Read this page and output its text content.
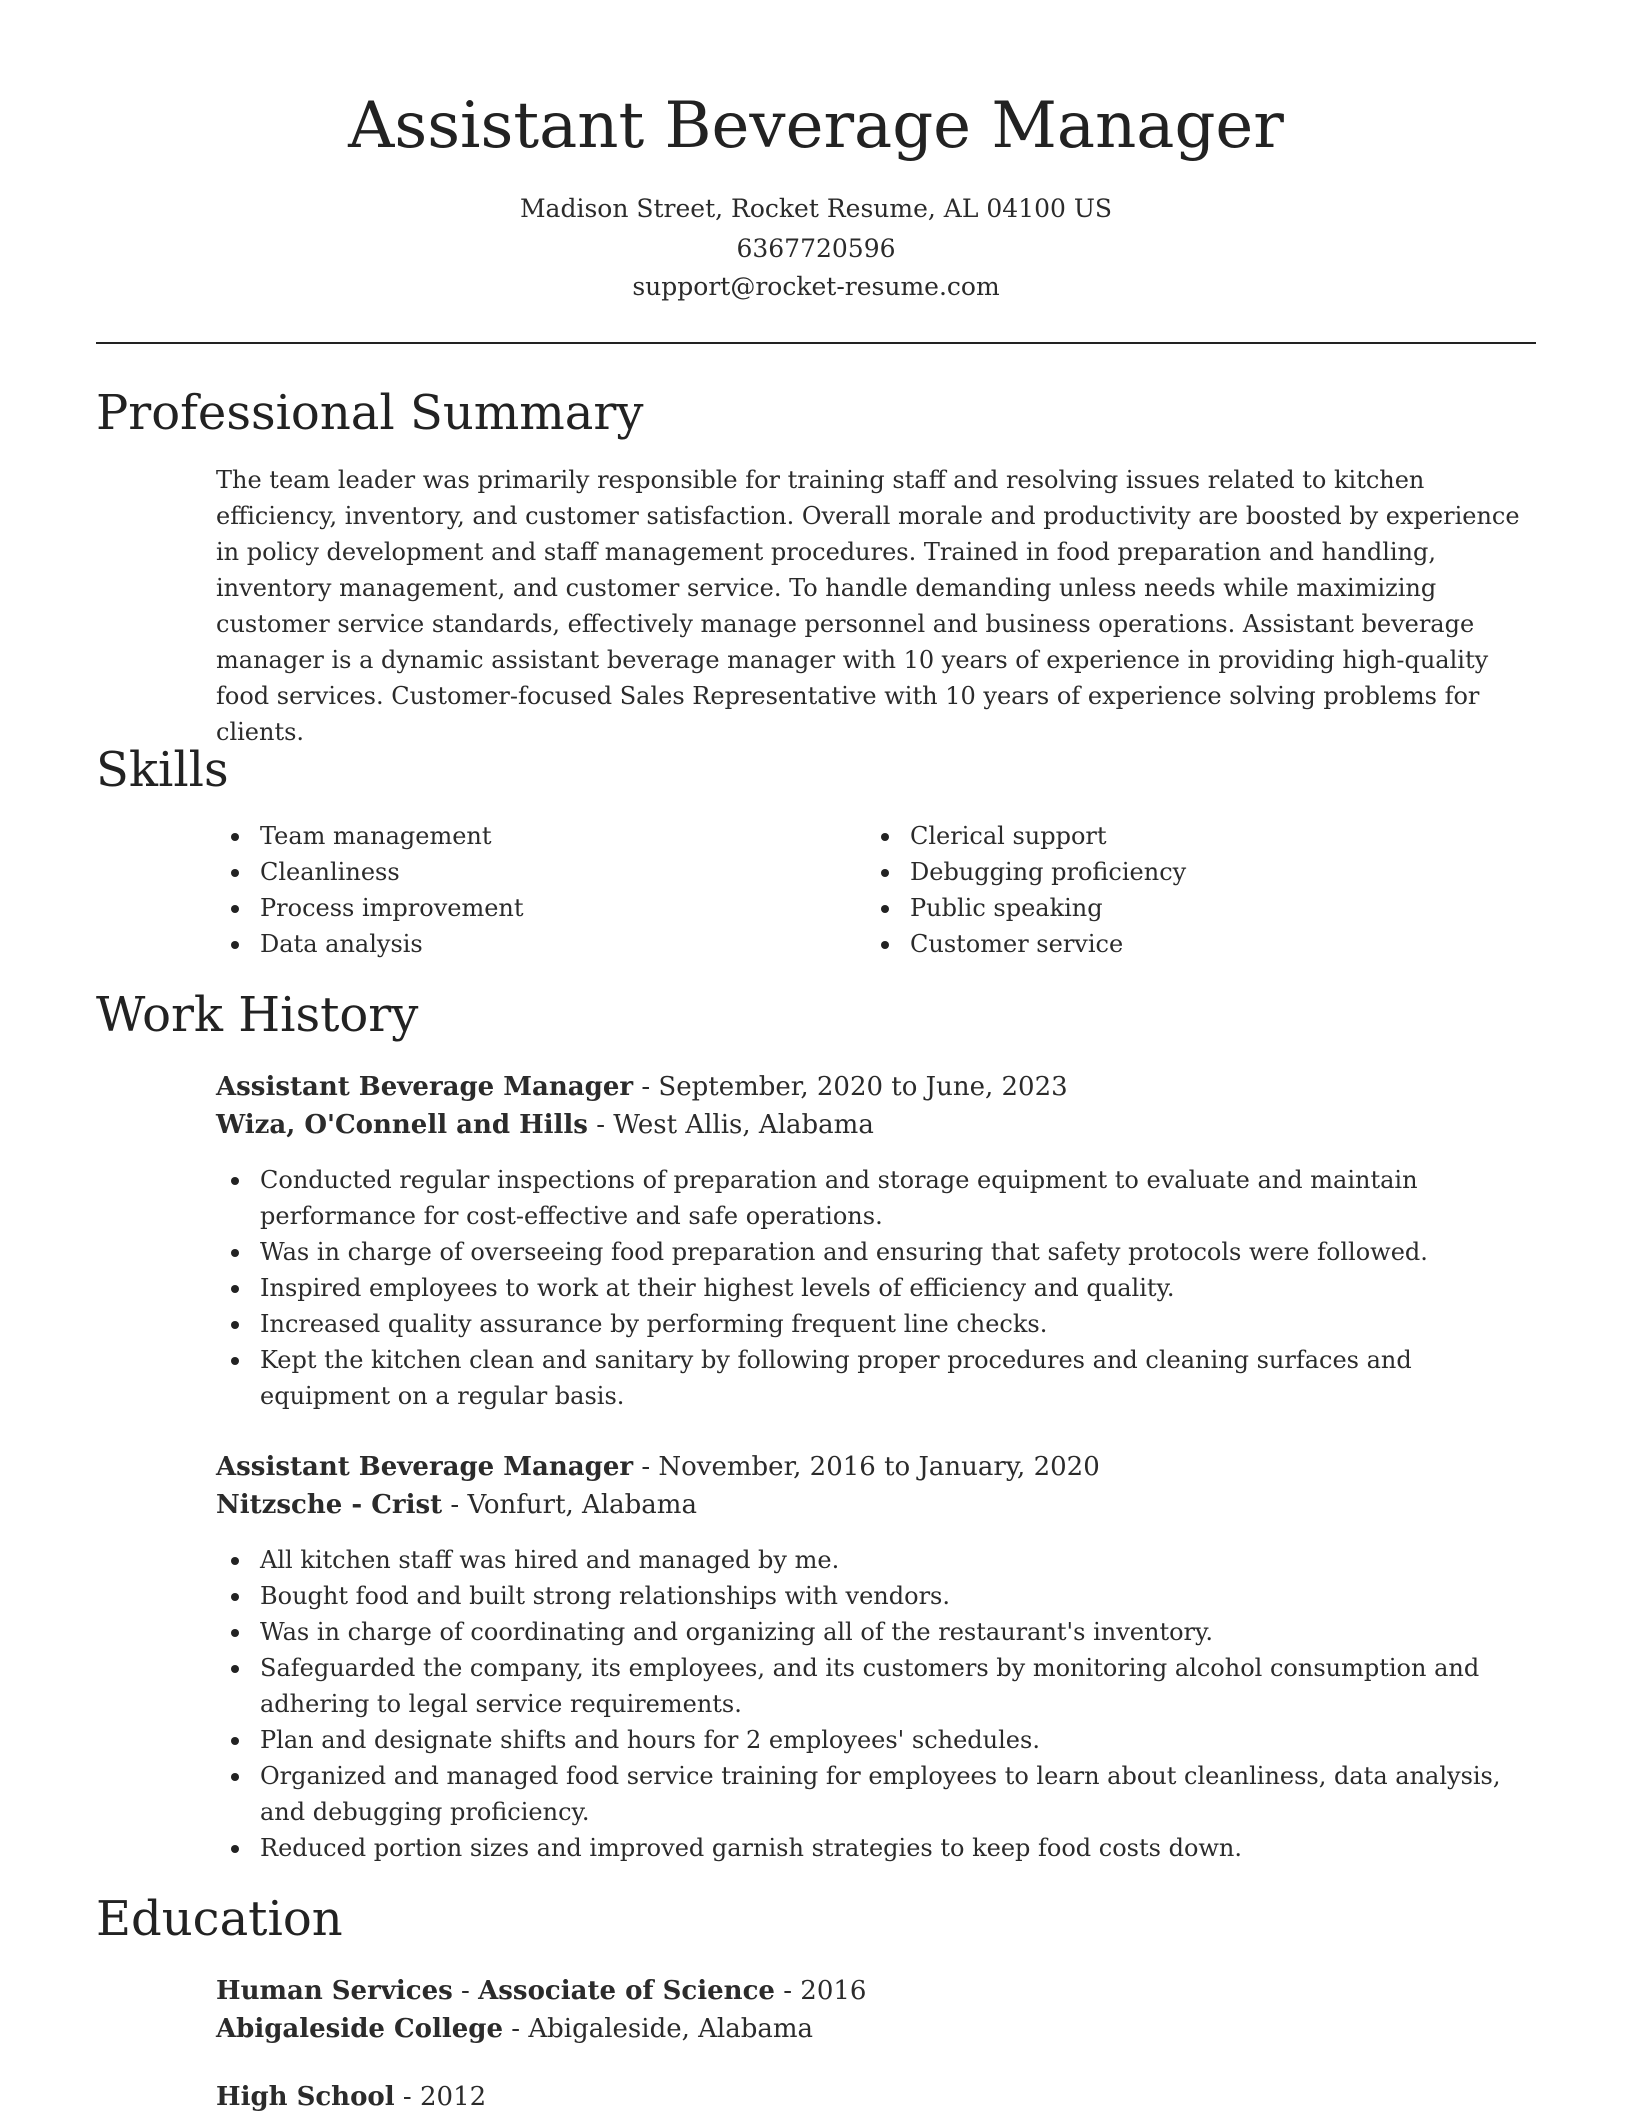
Assistant Beverage Manager
Madison Street, Rocket Resume, AL 04100 US
6367720596
support@rocket-resume.com
Professional Summary
The team leader was primarily responsible for training staff and resolving issues related to kitchen efficiency, inventory, and customer satisfaction. Overall morale and productivity are boosted by experience in policy development and staff management procedures. Trained in food preparation and handling, inventory management, and customer service. To handle demanding unless needs while maximizing customer service standards, effectively manage personnel and business operations. Assistant beverage manager is a dynamic assistant beverage manager with 10 years of experience in providing high-quality food services. Customer-focused Sales Representative with 10 years of experience solving problems for clients.
Skills
Team management
Cleanliness
Process improvement
Data analysis
Clerical support
Debugging proficiency
Public speaking
Customer service
Work History
Assistant Beverage Manager - September, 2020 to June, 2023
Wiza, O'Connell and Hills - West Allis, Alabama
Conducted regular inspections of preparation and storage equipment to evaluate and maintain performance for cost-effective and safe operations.
Was in charge of overseeing food preparation and ensuring that safety protocols were followed.
Inspired employees to work at their highest levels of efficiency and quality.
Increased quality assurance by performing frequent line checks.
Kept the kitchen clean and sanitary by following proper procedures and cleaning surfaces and equipment on a regular basis.
Assistant Beverage Manager - November, 2016 to January, 2020
Nitzsche - Crist - Vonfurt, Alabama
All kitchen staff was hired and managed by me.
Bought food and built strong relationships with vendors.
Was in charge of coordinating and organizing all of the restaurant's inventory.
Safeguarded the company, its employees, and its customers by monitoring alcohol consumption and adhering to legal service requirements.
Plan and designate shifts and hours for 2 employees' schedules.
Organized and managed food service training for employees to learn about cleanliness, data analysis, and debugging proficiency.
Reduced portion sizes and improved garnish strategies to keep food costs down.
Education
Human Services - Associate of Science - 2016
Abigaleside College - Abigaleside, Alabama
High School - 2012
